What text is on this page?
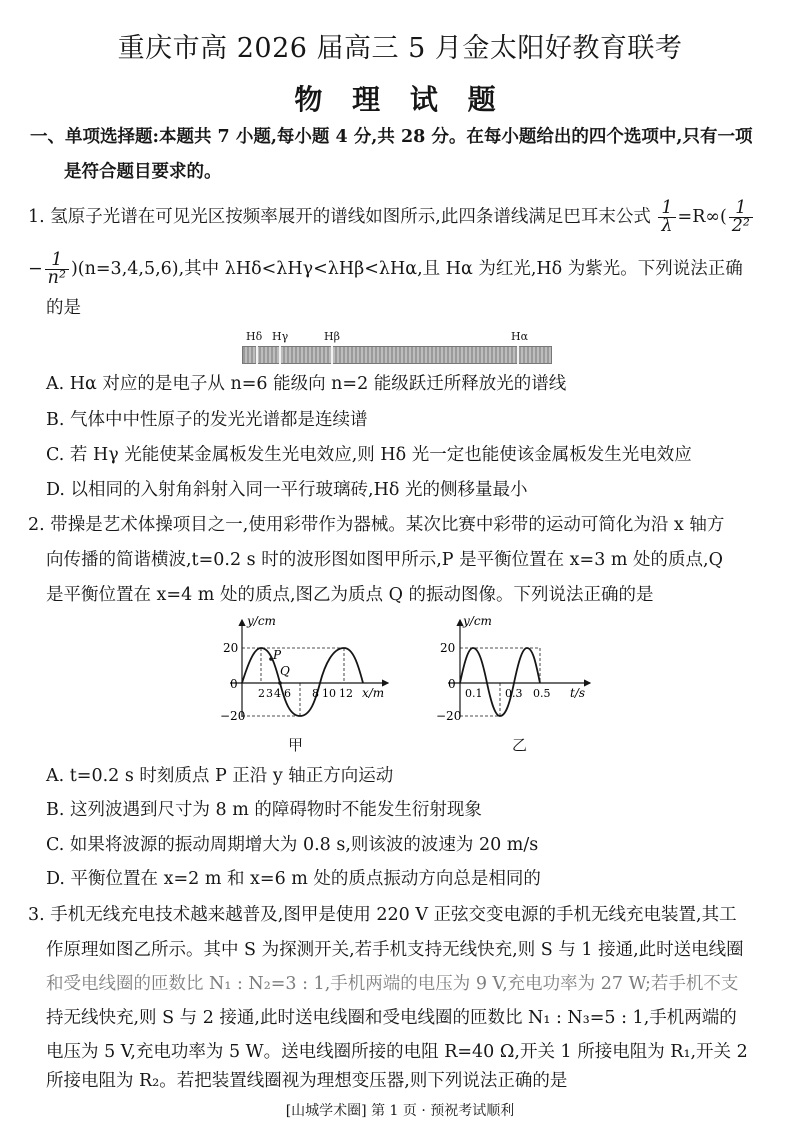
重庆市高 2026 届高三 5 月金太阳好教育联考
物 理 试 题
一、单项选择题:本题共 7 小题,每小题 4 分,共 28 分。在每小题给出的四个选项中,只有一项
是符合题目要求的。
1. 氢原子光谱在可见光区按频率展开的谱线如图所示,此四条谱线满足巴耳末公式 $\frac{1}{\lambda} =R\infty( \frac{1}{\text{2²}}$
− $\frac{1}{\text{n²}} )(n=3,4,5,6)$,其中 λHδ<λHγ<λHβ<λHα,且 Hα 为红光,Hδ 为紫光。下列说法正确
的是
Hδ Hγ	Hβ	Hα
A. Hα 对应的是电子从 n=6 能级向 n=2 能级跃迁所释放光的谱线
B. 气体中中性原子的发光光谱都是连续谱
C. 若 Hγ 光能使某金属板发生光电效应,则 Hδ 光一定也能使该金属板发生光电效应
D. 以相同的入射角斜射入同一平行玻璃砖,Hδ 光的侧移量最小
2. 带操是艺术体操项目之一,使用彩带作为器械。某次比赛中彩带的运动可简化为沿 x 轴方
向传播的简谐横波,t=0.2 s 时的波形图如图甲所示,P 是平衡位置在 x=3 m 处的质点,Q
是平衡位置在 x=4 m 处的质点,图乙为质点 Q 的振动图像。下列说法正确的是
y/cm
20
0
−20
P
Q
2 3 4 6 8 10 12 x/m
甲
y/cm
20
0
−20
0.1 0.3 0.5 t/s
乙
A. t=0.2 s 时刻质点 P 正沿 y 轴正方向运动
B. 这列波遇到尺寸为 8 m 的障碍物时不能发生衍射现象
C. 如果将波源的振动周期增大为 0.8 s,则该波的波速为 20 m/s
D. 平衡位置在 x=2 m 和 x=6 m 处的质点振动方向总是相同的
3. 手机无线充电技术越来越普及,图甲是使用 220 V 正弦交变电源的手机无线充电装置,其工
作原理如图乙所示。其中 S 为探测开关,若手机支持无线快充,则 S 与 1 接通,此时送电线圈
和受电线圈的匝数比 N₁ : N₂=3 : 1,手机两端的电压为 9 V,充电功率为 27 W;若手机不支
持无线快充,则 S 与 2 接通,此时送电线圈和受电线圈的匝数比 N₁ : N₃=5 : 1,手机两端的
电压为 5 V,充电功率为 5 W。送电线圈所接的电阻 R=40 Ω,开关 1 所接电阻为 R₁,开关 2
所接电阻为 R₂。若把装置线圈视为理想变压器,则下列说法正确的是
[山城学术圈] 第 1 页 · 预祝考试顺利
